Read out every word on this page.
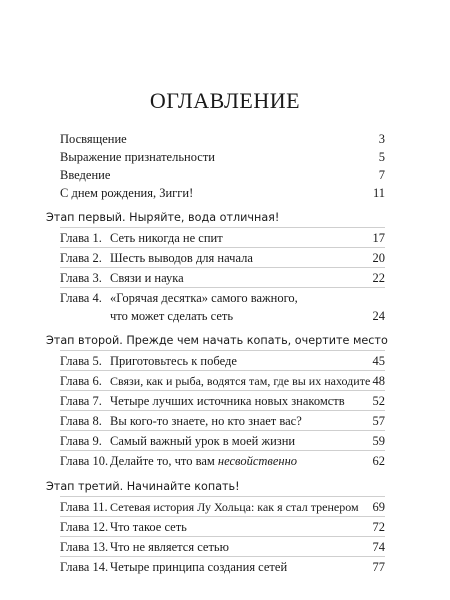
ОГЛАВЛЕНИЕ
Посвящение	3
Выражение признательности	5
Введение	7
С днем рождения, Зигги!	11
Этап первый. Ныряйте, вода отличная!
Глава 1. Сеть никогда не спит	17
Глава 2. Шесть выводов для начала	20
Глава 3. Связи и наука	22
Глава 4. «Горячая десятка» самого важного,
что может сделать сеть	24
Этап второй. Прежде чем начать копать, очертите место
Глава 5. Приготовьтесь к победе	45
Глава 6. Связи, как и рыба, водятся там, где вы их находите 48
Глава 7. Четыре лучших источника новых знакомств 52
Глава 8. Вы кого-то знаете, но кто знает вас?	57
Глава 9. Самый важный урок в моей жизни	59
Глава 10. Делайте то, что вам несвойственно	62
Этап третий. Начинайте копать!
Глава 11. Сетевая история Лу Хольца: как я стал тренером 69
Глава 12. Что такое сеть	72
Глава 13. Что не является сетью	74
Глава 14. Четыре принципа создания сетей	77
